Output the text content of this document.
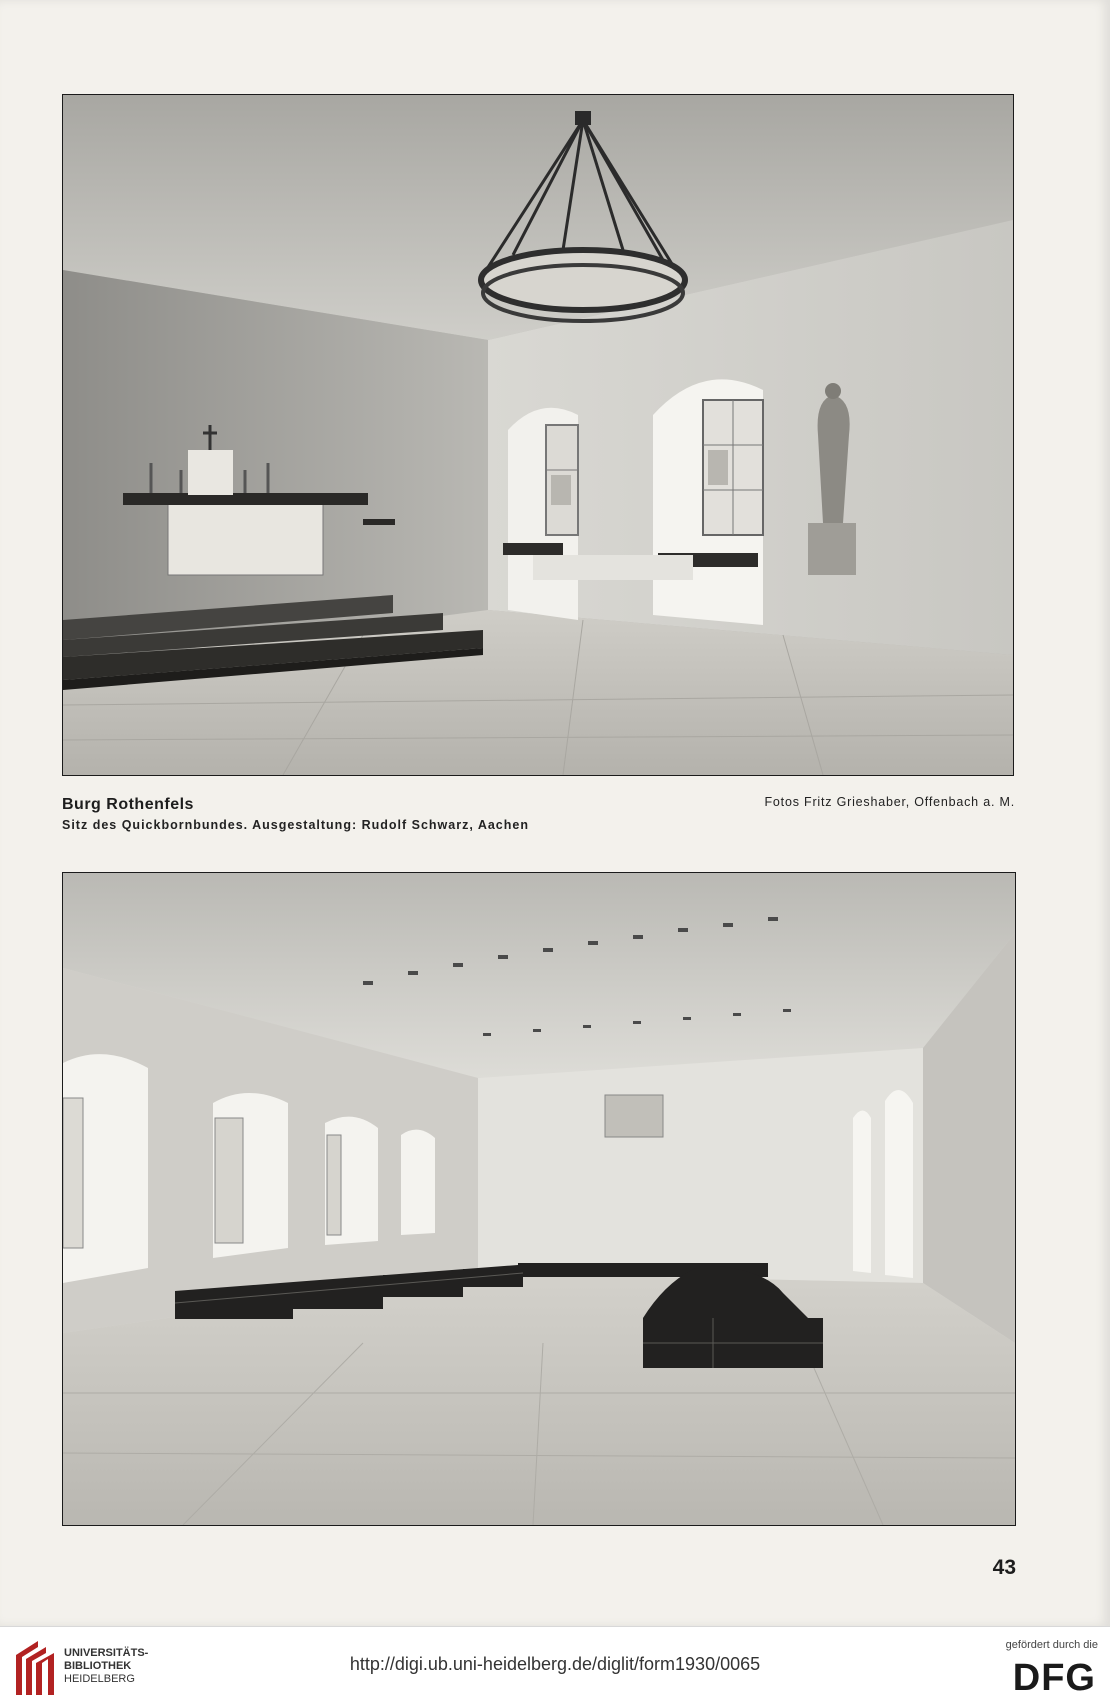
Burg Rothenfels
Sitz des Quickbornbundes. Ausgestaltung: Rudolf Schwarz, Aachen
Fotos Fritz Grieshaber, Offenbach a. M.
43
UNIVERSITÄTS-
BIBLIOTHEK
HEIDELBERG
http://digi.ub.uni-heidelberg.de/diglit/form1930/0065
gefördert durch die
DFG
